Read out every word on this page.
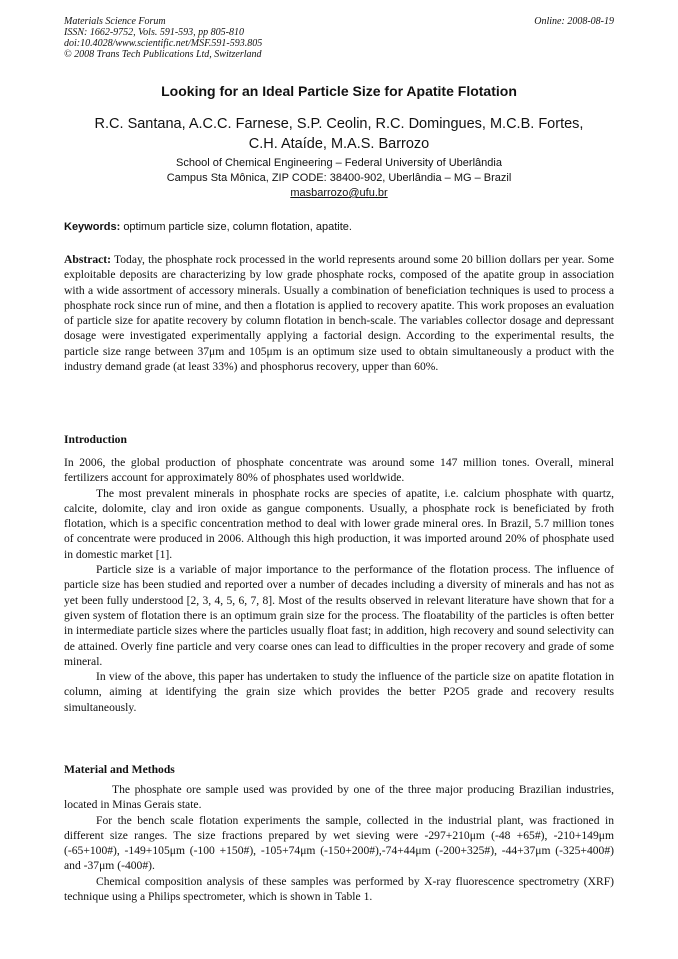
Materials Science Forum
ISSN: 1662-9752, Vols. 591-593, pp 805-810
doi:10.4028/www.scientific.net/MSF.591-593.805
© 2008 Trans Tech Publications Ltd, Switzerland
Online: 2008-08-19
Looking for an Ideal Particle Size for Apatite Flotation
R.C. Santana, A.C.C. Farnese, S.P. Ceolin, R.C. Domingues, M.C.B. Fortes,
C.H. Ataíde, M.A.S. Barrozo
School of Chemical Engineering – Federal University of Uberlândia
Campus Sta Mônica, ZIP CODE: 38400-902, Uberlândia – MG – Brazil
masbarrozo@ufu.br
Keywords: optimum particle size, column flotation, apatite.

Abstract: Today, the phosphate rock processed in the world represents around some 20 billion dollars per year. Some exploitable deposits are characterizing by low grade phosphate rocks, composed of the apatite group in association with a wide assortment of accessory minerals. Usually a combination of beneficiation techniques is used to process a phosphate rock since run of mine, and then a flotation is applied to recovery apatite. This work proposes an evaluation of particle size for apatite recovery by column flotation in bench-scale. The variables collector dosage and depressant dosage were investigated experimentally applying a factorial design. According to the experimental results, the particle size range between 37μm and 105μm is an optimum size used to obtain simultaneously a product with the industry demand grade (at least 33%) and phosphorus recovery, upper than 60%.

Introduction

In 2006, the global production of phosphate concentrate was around some 147 million tones. Overall, mineral fertilizers account for approximately 80% of phosphates used worldwide.

The most prevalent minerals in phosphate rocks are species of apatite, i.e. calcium phosphate with quartz, calcite, dolomite, clay and iron oxide as gangue components. Usually, a phosphate rock is beneficiated by froth flotation, which is a specific concentration method to deal with lower grade mineral ores. In Brazil, 5.7 million tones of concentrate were produced in 2006. Although this high production, it was imported around 20% of phosphate used in domestic market [1].

Particle size is a variable of major importance to the performance of the flotation process. The influence of particle size has been studied and reported over a number of decades including a diversity of minerals and has not as yet been fully understood [2, 3, 4, 5, 6, 7, 8]. Most of the results observed in relevant literature have shown that for a given system of flotation there is an optimum grain size for the process. The floatability of the particles is often better in intermediate particle sizes where the particles usually float fast; in addition, high recovery and sound selectivity can de attained. Overly fine particle and very coarse ones can lead to difficulties in the proper recovery and grade of some mineral.

In view of the above, this paper has undertaken to study the influence of the particle size on apatite flotation in column, aiming at identifying the grain size which provides the better P2O5 grade and recovery results simultaneously.

Material and Methods

The phosphate ore sample used was provided by one of the three major producing Brazilian industries, located in Minas Gerais state.

For the bench scale flotation experiments the sample, collected in the industrial plant, was fractioned in different size ranges. The size fractions prepared by wet sieving were -297+210μm (-48 +65#), -210+149μm (-65+100#), -149+105μm (-100 +150#), -105+74μm (-150+200#),-74+44μm (-200+325#), -44+37μm (-325+400#) and -37μm (-400#).

Chemical composition analysis of these samples was performed by X-ray fluorescence spectrometry (XRF) technique using a Philips spectrometer, which is shown in Table 1.
